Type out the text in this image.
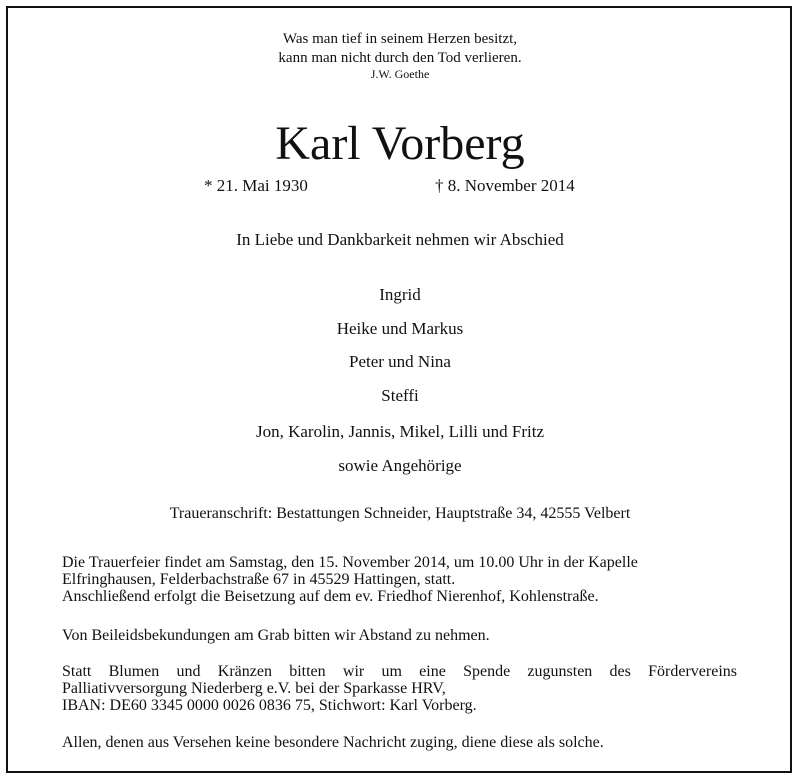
Was man tief in seinem Herzen besitzt,
kann man nicht durch den Tod verlieren.
J.W. Goethe
Karl Vorberg
* 21. Mai 1930	† 8. November 2014
In Liebe und Dankbarkeit nehmen wir Abschied
Ingrid
Heike und Markus
Peter und Nina
Steffi
Jon, Karolin, Jannis, Mikel, Lilli und Fritz
sowie Angehörige
Traueranschrift: Bestattungen Schneider, Hauptstraße 34, 42555 Velbert
Die Trauerfeier findet am Samstag, den 15. November 2014, um 10.00 Uhr in der Kapelle
Elfringhausen, Felderbachstraße 67 in 45529 Hattingen, statt.
Anschließend erfolgt die Beisetzung auf dem ev. Friedhof Nierenhof, Kohlenstraße.
Von Beileidsbekundungen am Grab bitten wir Abstand zu nehmen.
Statt Blumen und Kränzen bitten wir um eine Spende zugunsten des Fördervereins
Palliativversorgung Niederberg e.V. bei der Sparkasse HRV,
IBAN: DE60 3345 0000 0026 0836 75, Stichwort: Karl Vorberg.
Allen, denen aus Versehen keine besondere Nachricht zuging, diene diese als solche.
